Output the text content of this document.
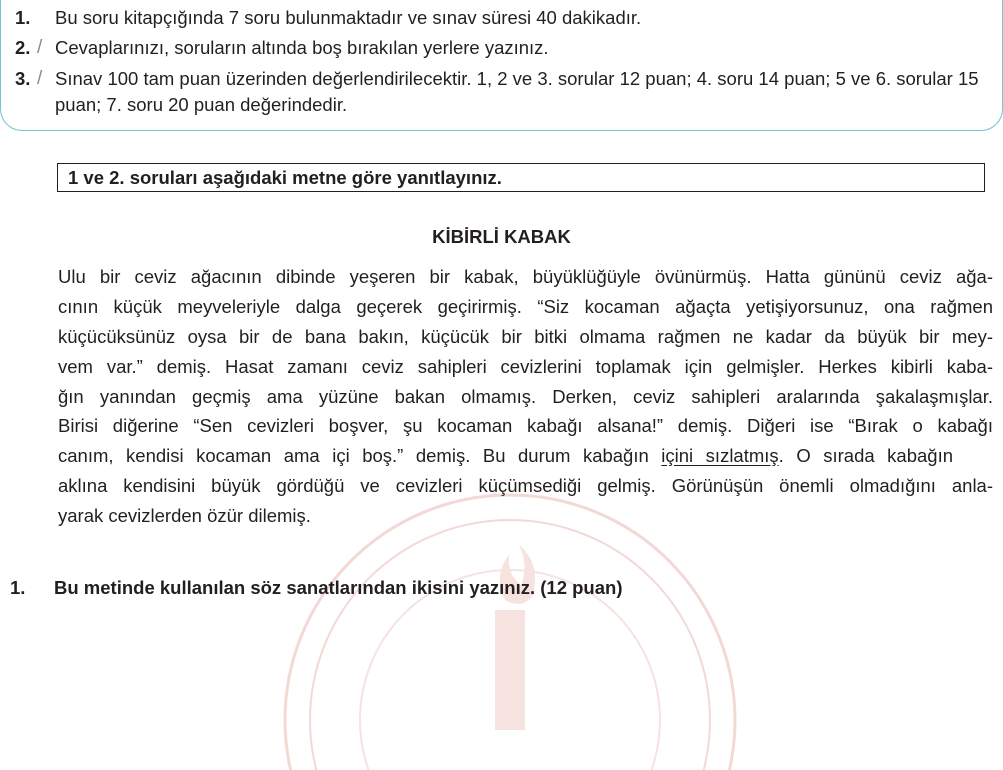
1. Bu soru kitapçığında 7 soru bulunmaktadır ve sınav süresi 40 dakikadır.
2. / Cevaplarınızı, soruların altında boş bırakılan yerlere yazınız.
3. / Sınav 100 tam puan üzerinden değerlendirilecektir. 1, 2 ve 3. sorular 12 puan; 4. soru 14 puan; 5 ve 6. sorular 15 puan; 7. soru 20 puan değerindedir.
1 ve 2. soruları aşağıdaki metne göre yanıtlayınız.
KİBİRLİ KABAK
Ulu bir ceviz ağacının dibinde yeşeren bir kabak, büyüklüğüyle övünürmüş. Hatta gününü ceviz ağa-
cının küçük meyveleriyle dalga geçerek geçirirmiş. “Siz kocaman ağaçta yetişiyorsunuz, ona rağmen
küçücüksünüz oysa bir de bana bakın, küçücük bir bitki olmama rağmen ne kadar da büyük bir mey-
vem var.” demiş. Hasat zamanı ceviz sahipleri cevizlerini toplamak için gelmişler. Herkes kibirli kaba-
ğın yanından geçmiş ama yüzüne bakan olmamış. Derken, ceviz sahipleri aralarında şakalaşmışlar.
Birisi diğerine “Sen cevizleri boşver, şu kocaman kabağı alsana!” demiş. Diğeri ise “Bırak o kabağı
canım, kendisi kocaman ama içi boş.” demiş. Bu durum kabağın içini sızlatmış. O sırada kabağın
aklına kendisini büyük gördüğü ve cevizleri küçümsediği gelmiş. Görünüşün önemli olmadığını anla-
yarak cevizlerden özür dilemiş.
1. Bu metinde kullanılan söz sanatlarından ikisini yazınız. (12 puan)
